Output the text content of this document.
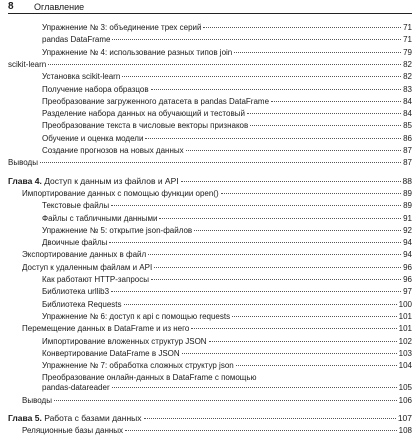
8 Оглавление
Упражнение № 3: объединение трех серий	71
pandas DataFrame	71
Упражнение № 4: использование разных типов join	79
scikit-learn	82
Установка scikit-learn	82
Получение набора образцов	83
Преобразование загруженного датасета в pandas DataFrame	84
Разделение набора данных на обучающий и тестовый	84
Преобразование текста в числовые векторы признаков	85
Обучение и оценка модели	86
Создание прогнозов на новых данных	87
Выводы	87
Глава 4. Доступ к данным из файлов и API	88
Импортирование данных с помощью функции open()	89
Текстовые файлы	89
Файлы с табличными данными	91
Упражнение № 5: открытие json-файлов	92
Двоичные файлы	94
Экспортирование данных в файл	94
Доступ к удаленным файлам и API	96
Как работают HTTP-запросы	96
Библиотека urllib3	97
Библиотека Requests	100
Упражнение № 6: доступ к api с помощью requests	101
Перемещение данных в DataFrame и из него	101
Импортирование вложенных структур JSON	102
Конвертирование DataFrame в JSON	103
Упражнение № 7: обработка сложных структур json	104
Преобразование онлайн-данных в DataFrame с помощью
pandas-datareader	105
Выводы	106
Глава 5. Работа с базами данных	107
Реляционные базы данных	108
